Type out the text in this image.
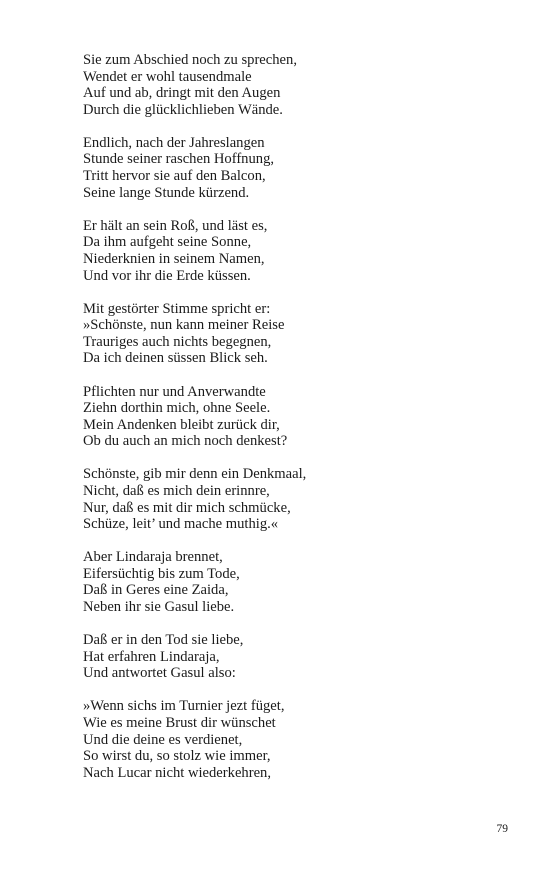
Sie zum Abschied noch zu sprechen,
Wendet er wohl tausendmale
Auf und ab, dringt mit den Augen
Durch die glücklichlieben Wände.
Endlich, nach der Jahreslangen
Stunde seiner raschen Hoffnung,
Tritt hervor sie auf den Balcon,
Seine lange Stunde kürzend.
Er hält an sein Roß, und läst es,
Da ihm aufgeht seine Sonne,
Niederknien in seinem Namen,
Und vor ihr die Erde küssen.
Mit gestörter Stimme spricht er:
»Schönste, nun kann meiner Reise
Trauriges auch nichts begegnen,
Da ich deinen süssen Blick seh.
Pflichten nur und Anverwandte
Ziehn dorthin mich, ohne Seele.
Mein Andenken bleibt zurück dir,
Ob du auch an mich noch denkest?
Schönste, gib mir denn ein Denkmaal,
Nicht, daß es mich dein erinnre,
Nur, daß es mit dir mich schmücke,
Schüze, leit’ und mache muthig.«
Aber Lindaraja brennet,
Eifersüchtig bis zum Tode,
Daß in Geres eine Zaida,
Neben ihr sie Gasul liebe.
Daß er in den Tod sie liebe,
Hat erfahren Lindaraja,
Und antwortet Gasul also:
»Wenn sichs im Turnier jezt füget,
Wie es meine Brust dir wünschet
Und die deine es verdienet,
So wirst du, so stolz wie immer,
Nach Lucar nicht wiederkehren,
79
